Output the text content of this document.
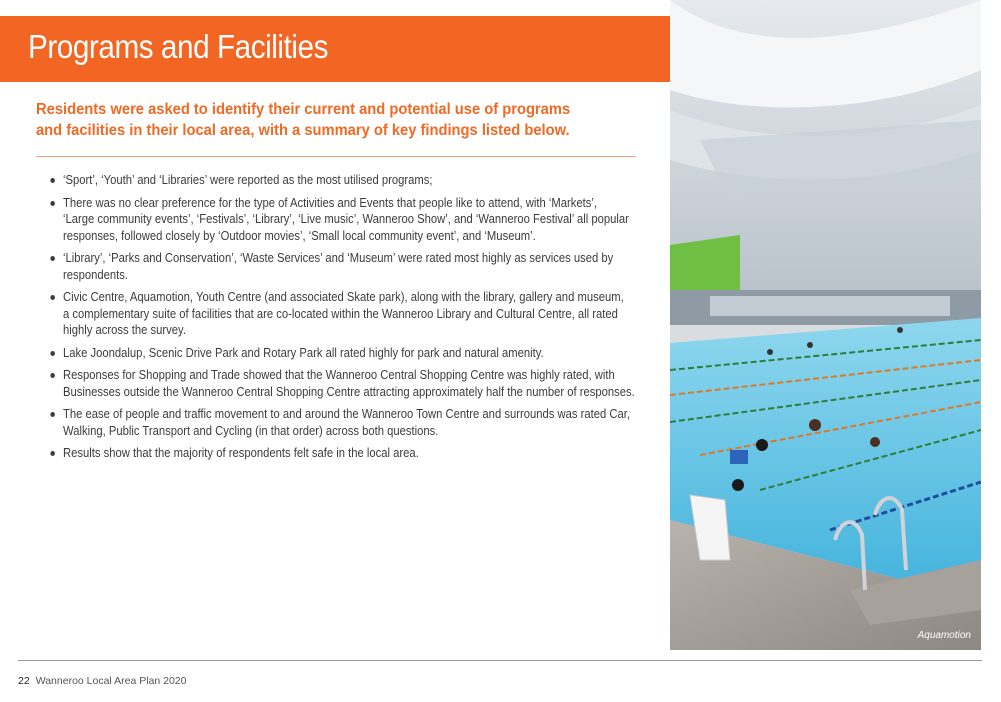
Programs and Facilities
Residents were asked to identify their current and potential use of programs
and facilities in their local area, with a summary of key findings listed below.
‘Sport’, ‘Youth’ and ‘Libraries’ were reported as the most utilised programs;
There was no clear preference for the type of Activities and Events that people like to attend, with ‘Markets’,
‘Large community events’, ‘Festivals’, ‘Library’, ‘Live music’, Wanneroo Show’, and ‘Wanneroo Festival’ all popular
responses, followed closely by ‘Outdoor movies’, ‘Small local community event’, and ‘Museum’.
‘Library’, ‘Parks and Conservation’, ‘Waste Services’ and ‘Museum’ were rated most highly as services used by
respondents.
Civic Centre, Aquamotion, Youth Centre (and associated Skate park), along with the library, gallery and museum,
a complementary suite of facilities that are co-located within the Wanneroo Library and Cultural Centre, all rated
highly across the survey.
Lake Joondalup, Scenic Drive Park and Rotary Park all rated highly for park and natural amenity.
Responses for Shopping and Trade showed that the Wanneroo Central Shopping Centre was highly rated, with
Businesses outside the Wanneroo Central Shopping Centre attracting approximately half the number of responses.
The ease of people and traffic movement to and around the Wanneroo Town Centre and surrounds was rated Car,
Walking, Public Transport and Cycling (in that order) across both questions.
Results show that the majority of respondents felt safe in the local area.
Aquamotion
22 Wanneroo Local Area Plan 2020
